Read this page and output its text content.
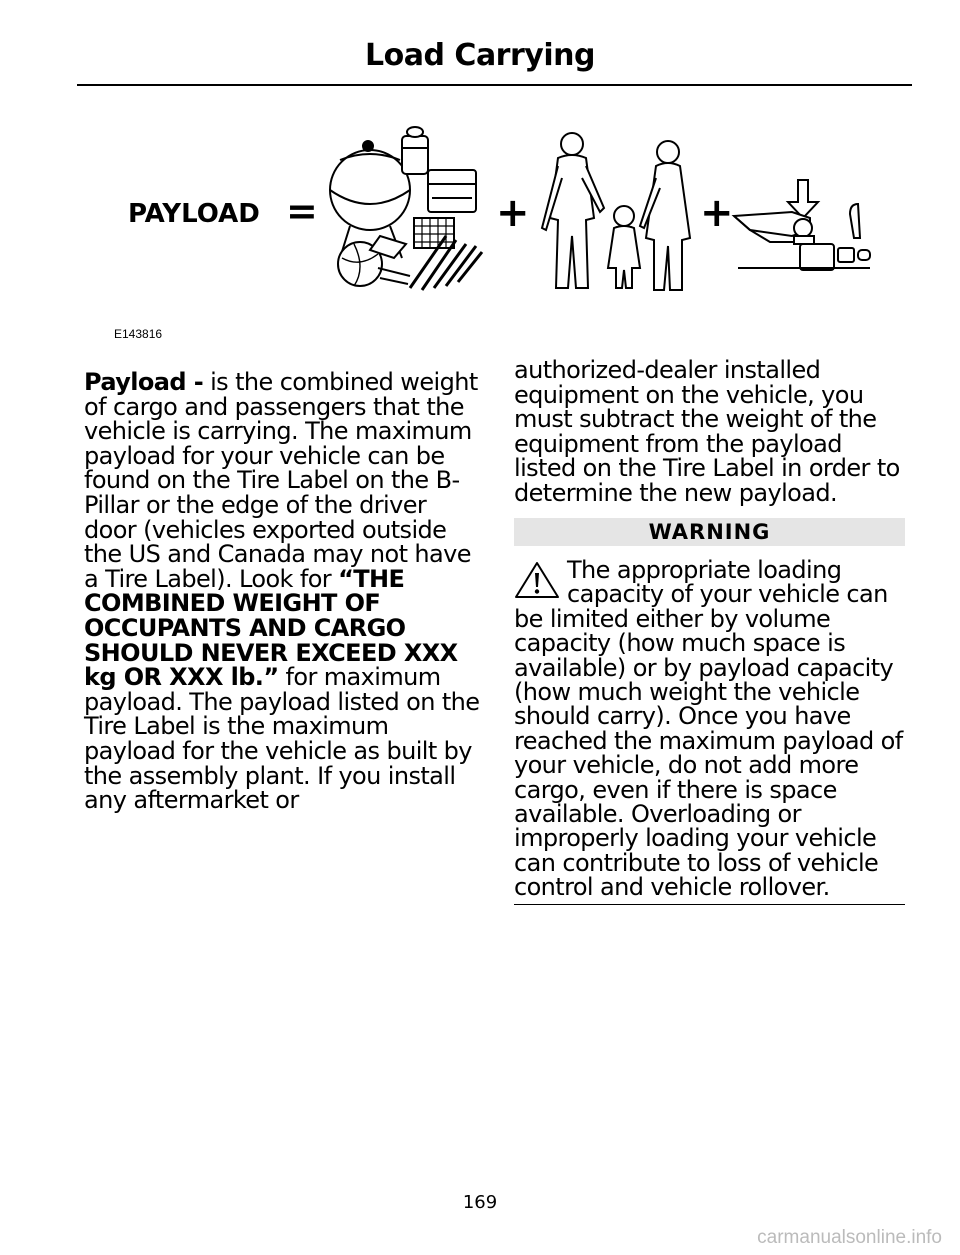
Load Carrying
PAYLOAD =	+	+
E143816

Payload - is the combined weight of cargo and passengers that the vehicle is carrying. The maximum payload for your vehicle can be found on the Tire Label on the B-Pillar or the edge of the driver door (vehicles exported outside the US and Canada may not have a Tire Label). Look for “THE COMBINED WEIGHT OF OCCUPANTS AND CARGO SHOULD NEVER EXCEED XXX kg OR XXX lb.” for maximum payload. The payload listed on the Tire Label is the maximum payload for the vehicle as built by the assembly plant. If you install any aftermarket or

authorized-dealer installed equipment on the vehicle, you must subtract the weight of the equipment from the payload listed on the Tire Label in order to determine the new payload.

WARNING
The appropriate loading capacity of your vehicle can be limited either by volume capacity (how much space is available) or by payload capacity (how much weight the vehicle should carry). Once you have reached the maximum payload of your vehicle, do not add more cargo, even if there is space available. Overloading or improperly loading your vehicle can contribute to loss of vehicle control and vehicle rollover.
169
carmanualsonline.info
